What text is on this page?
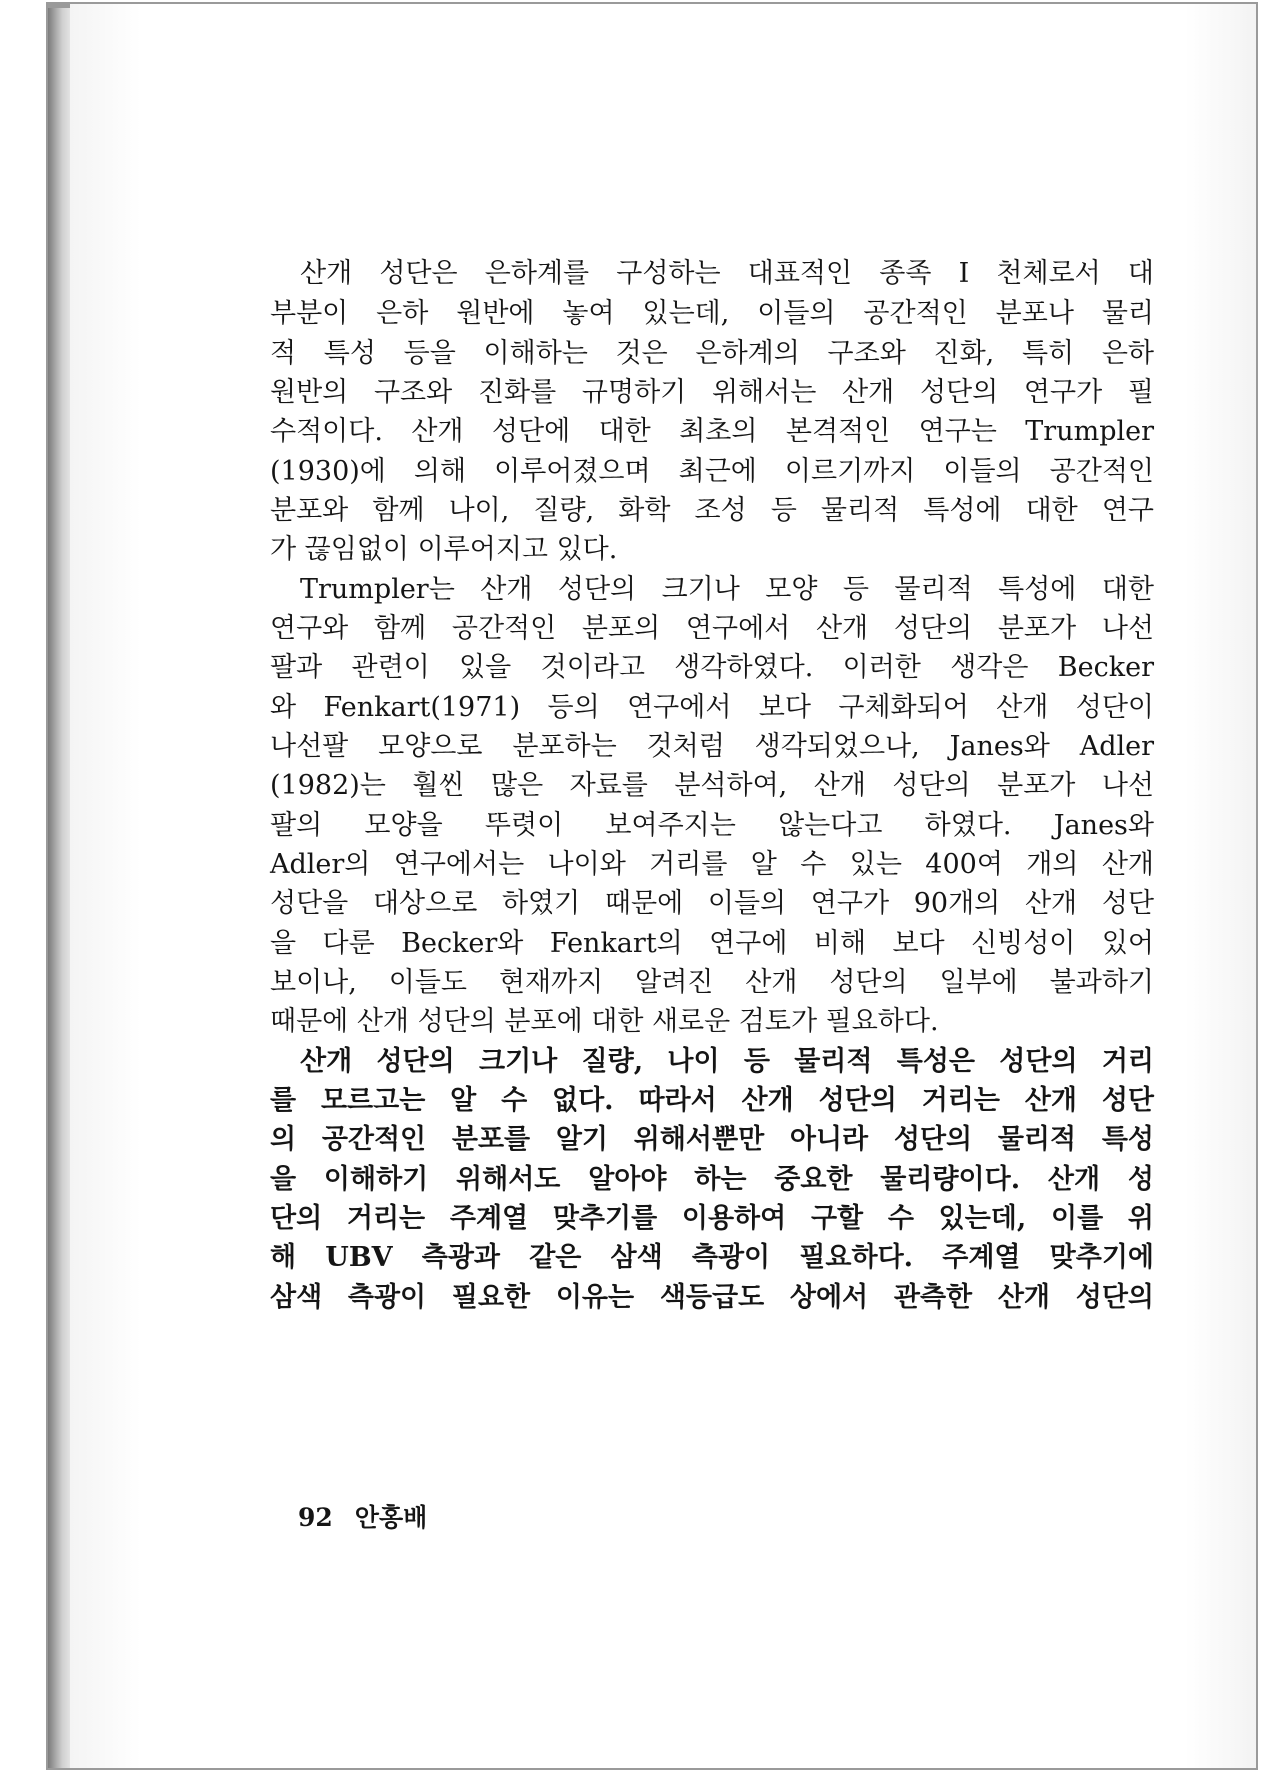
산개 성단은 은하계를 구성하는 대표적인 종족 I 천체로서 대
부분이 은하 원반에 놓여 있는데, 이들의 공간적인 분포나 물리
적 특성 등을 이해하는 것은 은하계의 구조와 진화, 특히 은하
원반의 구조와 진화를 규명하기 위해서는 산개 성단의 연구가 필
수적이다. 산개 성단에 대한 최초의 본격적인 연구는 Trumpler
(1930)에 의해 이루어졌으며 최근에 이르기까지 이들의 공간적인
분포와 함께 나이, 질량, 화학 조성 등 물리적 특성에 대한 연구
가 끊임없이 이루어지고 있다.
Trumpler는 산개 성단의 크기나 모양 등 물리적 특성에 대한
연구와 함께 공간적인 분포의 연구에서 산개 성단의 분포가 나선
팔과 관련이 있을 것이라고 생각하였다. 이러한 생각은 Becker
와 Fenkart(1971) 등의 연구에서 보다 구체화되어 산개 성단이
나선팔 모양으로 분포하는 것처럼 생각되었으나, Janes와 Adler
(1982)는 훨씬 많은 자료를 분석하여, 산개 성단의 분포가 나선
팔의 모양을 뚜렷이 보여주지는 않는다고 하였다. Janes와
Adler의 연구에서는 나이와 거리를 알 수 있는 400여 개의 산개
성단을 대상으로 하였기 때문에 이들의 연구가 90개의 산개 성단
을 다룬 Becker와 Fenkart의 연구에 비해 보다 신빙성이 있어
보이나, 이들도 현재까지 알려진 산개 성단의 일부에 불과하기
때문에 산개 성단의 분포에 대한 새로운 검토가 필요하다.
산개 성단의 크기나 질량, 나이 등 물리적 특성은 성단의 거리
를 모르고는 알 수 없다. 따라서 산개 성단의 거리는 산개 성단
의 공간적인 분포를 알기 위해서뿐만 아니라 성단의 물리적 특성
을 이해하기 위해서도 알아야 하는 중요한 물리량이다. 산개 성
단의 거리는 주계열 맞추기를 이용하여 구할 수 있는데, 이를 위
해 UBV 측광과 같은 삼색 측광이 필요하다. 주계열 맞추기에
삼색 측광이 필요한 이유는 색등급도 상에서 관측한 산개 성단의
92 안홍배
